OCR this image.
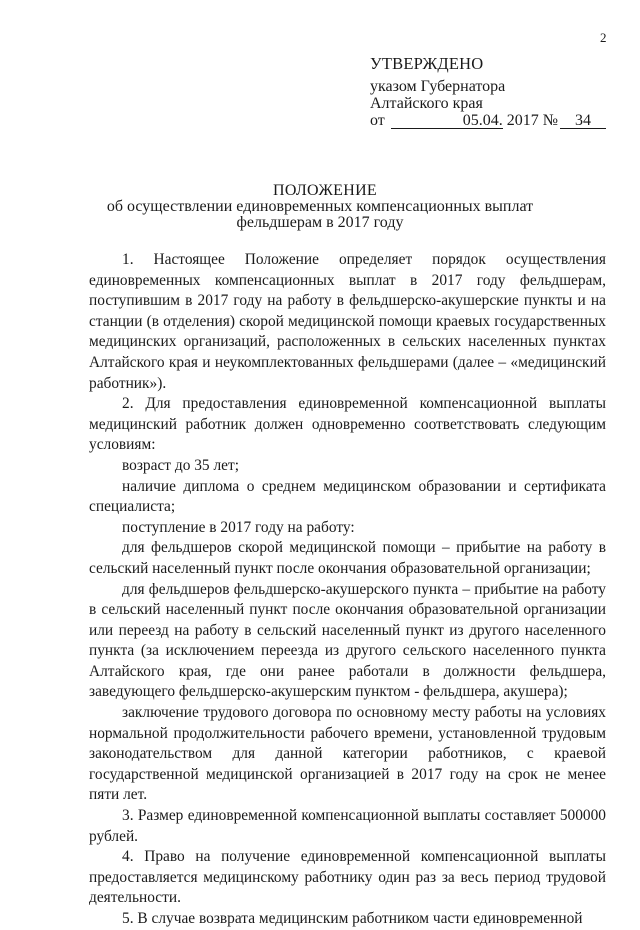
2
УТВЕРЖДЕНО
указом Губернатора
Алтайского края
от	05.04. 2017 № 34
ПОЛОЖЕНИЕ
об осуществлении единовременных компенсационных выплат
фельдшерам в 2017 году

1. Настоящее Положение определяет порядок осуществления единовременных компенсационных выплат в 2017 году фельдшерам, поступившим в 2017 году на работу в фельдшерско-акушерские пункты и на станции (в отделения) скорой медицинской помощи краевых государственных медицинских организаций, расположенных в сельских населенных пунктах Алтайского края и неукомплектованных фельдшерами (далее – «медицинский работник»).

2. Для предоставления единовременной компенсационной выплаты медицинский работник должен одновременно соответствовать следующим условиям:

возраст до 35 лет;

наличие диплома о среднем медицинском образовании и сертификата специалиста;

поступление в 2017 году на работу:

для фельдшеров скорой медицинской помощи – прибытие на работу в сельский населенный пункт после окончания образовательной организации;

для фельдшеров фельдшерско-акушерского пункта – прибытие на работу в сельский населенный пункт после окончания образовательной организации или переезд на работу в сельский населенный пункт из другого населенного пункта (за исключением переезда из другого сельского населенного пункта Алтайского края, где они ранее работали в должности фельдшера, заведующего фельдшерско-акушерским пунктом - фельдшера, акушера);

заключение трудового договора по основному месту работы на условиях нормальной продолжительности рабочего времени, установленной трудовым законодательством для данной категории работников, с краевой государственной медицинской организацией в 2017 году на срок не менее пяти лет.

3. Размер единовременной компенсационной выплаты составляет 500000 рублей.

4. Право на получение единовременной компенсационной выплаты предоставляется медицинскому работнику один раз за весь период трудовой деятельности.

5. В случае возврата медицинским работником части единовременной
